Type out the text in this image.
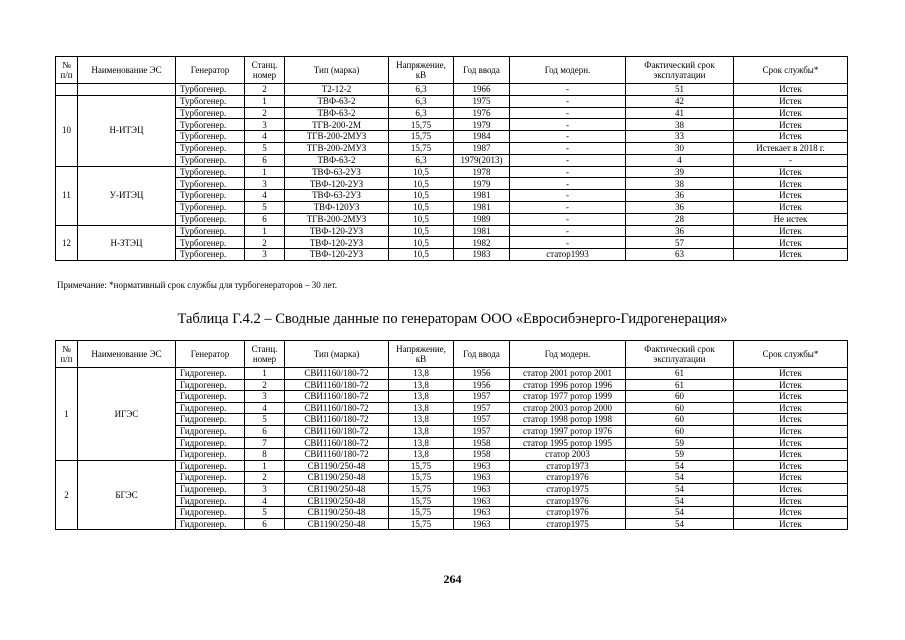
№ п/п	Наименование ЭС	Генератор	Станц. номер	Тип (марка)	Напряжение, кВ	Год ввода	Год модерн.	Фактический срок эксплуатации	Срок службы*
		Турбогенер.	2	Т2-12-2	6,3	1966	-	51	Истек
10	Н-ИТЭЦ	Турбогенер.	1	ТВФ-63-2	6,3	1975	-	42	Истек
		Турбогенер.	2	ТВФ-63-2	6,3	1976	-	41	Истек
		Турбогенер.	3	ТГВ-200-2М	15,75	1979	-	38	Истек
		Турбогенер.	4	ТГВ-200-2МУЗ	15,75	1984	-	33	Истек
		Турбогенер.	5	ТГВ-200-2МУЗ	15,75	1987	-	30	Истекает в 2018 г.
		Турбогенер.	6	ТВФ-63-2	6,3	1979(2013)	-	4	-
11	У-ИТЭЦ	Турбогенер.	1	ТВФ-63-2УЗ	10,5	1978	-	39	Истек
		Турбогенер.	3	ТВФ-120-2УЗ	10,5	1979	-	38	Истек
		Турбогенер.	4	ТВФ-63-2УЗ	10,5	1981	-	36	Истек
		Турбогенер.	5	ТВФ-120УЗ	10,5	1981	-	36	Истек
		Турбогенер.	6	ТГВ-200-2МУЗ	10,5	1989	-	28	Не истек
12	Н-ЗТЭЦ	Турбогенер.	1	ТВФ-120-2УЗ	10,5	1981	-	36	Истек
		Турбогенер.	2	ТВФ-120-2УЗ	10,5	1982	-	57	Истек
		Турбогенер.	3	ТВФ-120-2УЗ	10,5	1983	статор1993	63	Истек
Примечание: *нормативный срок службы для турбогенераторов – 30 лет.
Таблица Г.4.2 – Сводные данные по генераторам ООО «Евросибэнерго-Гидрогенерация»
№ п/п	Наименование ЭС	Генератор	Станц. номер	Тип (марка)	Напряжение, кВ	Год ввода	Год модерн.	Фактический срок эксплуатации	Срок службы*
1	ИГЭС	Гидрогенер.	1	СВИ1160/180-72	13,8	1956	статор 2001 ротор 2001	61	Истек
		Гидрогенер.	2	СВИ1160/180-72	13,8	1956	статор 1996 ротор 1996	61	Истек
		Гидрогенер.	3	СВИ1160/180-72	13,8	1957	статор 1977 ротор 1999	60	Истек
		Гидрогенер.	4	СВИ1160/180-72	13,8	1957	статор 2003 ротор 2000	60	Истек
		Гидрогенер.	5	СВИ1160/180-72	13,8	1957	статор 1998 ротор 1998	60	Истек
		Гидрогенер.	6	СВИ1160/180-72	13,8	1957	статор 1997 ротор 1976	60	Истек
		Гидрогенер.	7	СВИ1160/180-72	13,8	1958	статор 1995 ротор 1995	59	Истек
		Гидрогенер.	8	СВИ1160/180-72	13,8	1958	статор 2003	59	Истек
2	БГЭС	Гидрогенер.	1	СВ1190/250-48	15,75	1963	статор1973	54	Истек
		Гидрогенер.	2	СВ1190/250-48	15,75	1963	статор1976	54	Истек
		Гидрогенер.	3	СВ1190/250-48	15,75	1963	статор1975	54	Истек
		Гидрогенер.	4	СВ1190/250-48	15,75	1963	статор1976	54	Истек
		Гидрогенер.	5	СВ1190/250-48	15,75	1963	статор1976	54	Истек
		Гидрогенер.	6	СВ1190/250-48	15,75	1963	статор1975	54	Истек
264
